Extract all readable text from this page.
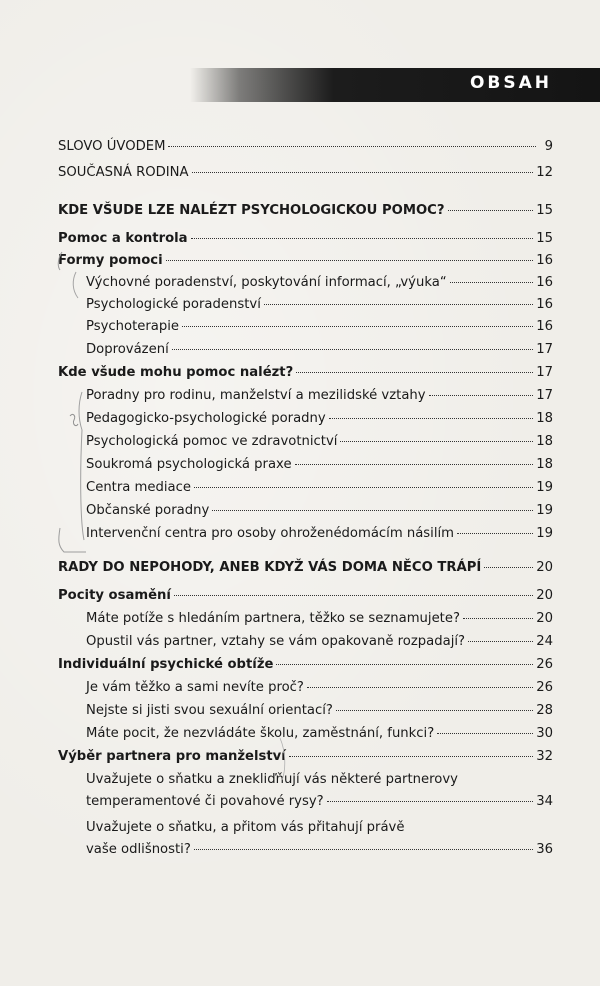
OBSAH
SLOVO ÚVODEM	9
SOUČASNÁ RODINA	12
KDE VŠUDE LZE NALÉZT PSYCHOLOGICKOU POMOC?	15
Pomoc a kontrola	15
Formy pomoci	16
Výchovné poradenství, poskytování informací, „výuka“	16
Psychologické poradenství	16
Psychoterapie	16
Doprovázení	17
Kde všude mohu pomoc nalézt?	17
Poradny pro rodinu, manželství a mezilidské vztahy	17
Pedagogicko-psychologické poradny	18
Psychologická pomoc ve zdravotnictví	18
Soukromá psychologická praxe	18
Centra mediace	19
Občanské poradny	19
Intervenční centra pro osoby ohroženédomácím násilím	19
RADY DO NEPOHODY, ANEB KDYŽ VÁS DOMA NĚCO TRÁPÍ	20
Pocity osamění	20
Máte potíže s hledáním partnera, těžko se seznamujete?	20
Opustil vás partner, vztahy se vám opakovaně rozpadají?	24
Individuální psychické obtíže	26
Je vám těžko a sami nevíte proč?	26
Nejste si jisti svou sexuální orientací?	28
Máte pocit, že nezvládáte školu, zaměstnání, funkci?	30
Výběr partnera pro manželství	32
Uvažujete o sňatku a znekliďňují vás některé partnerovy
temperamentové či povahové rysy?	34
Uvažujete o sňatku, a přitom vás přitahují právě
vaše odlišnosti?	36
